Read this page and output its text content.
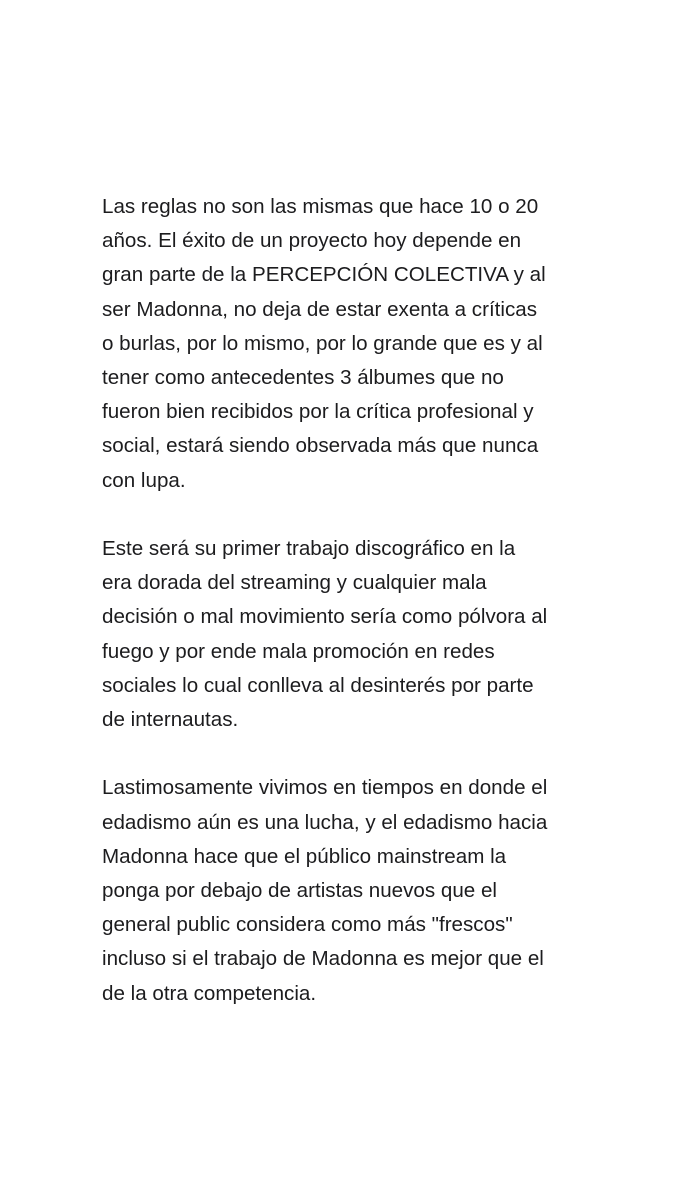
Las reglas no son las mismas que hace 10 o 20
años. El éxito de un proyecto hoy depende en
gran parte de la PERCEPCIÓN COLECTIVA y al
ser Madonna, no deja de estar exenta a críticas
o burlas, por lo mismo, por lo grande que es y al
tener como antecedentes 3 álbumes que no
fueron bien recibidos por la crítica profesional y
social, estará siendo observada más que nunca
con lupa.
Este será su primer trabajo discográfico en la
era dorada del streaming y cualquier mala
decisión o mal movimiento sería como pólvora al
fuego y por ende mala promoción en redes
sociales lo cual conlleva al desinterés por parte
de internautas.
Lastimosamente vivimos en tiempos en donde el
edadismo aún es una lucha, y el edadismo hacia
Madonna hace que el público mainstream la
ponga por debajo de artistas nuevos que el
general public considera como más "frescos"
incluso si el trabajo de Madonna es mejor que el
de la otra competencia.
